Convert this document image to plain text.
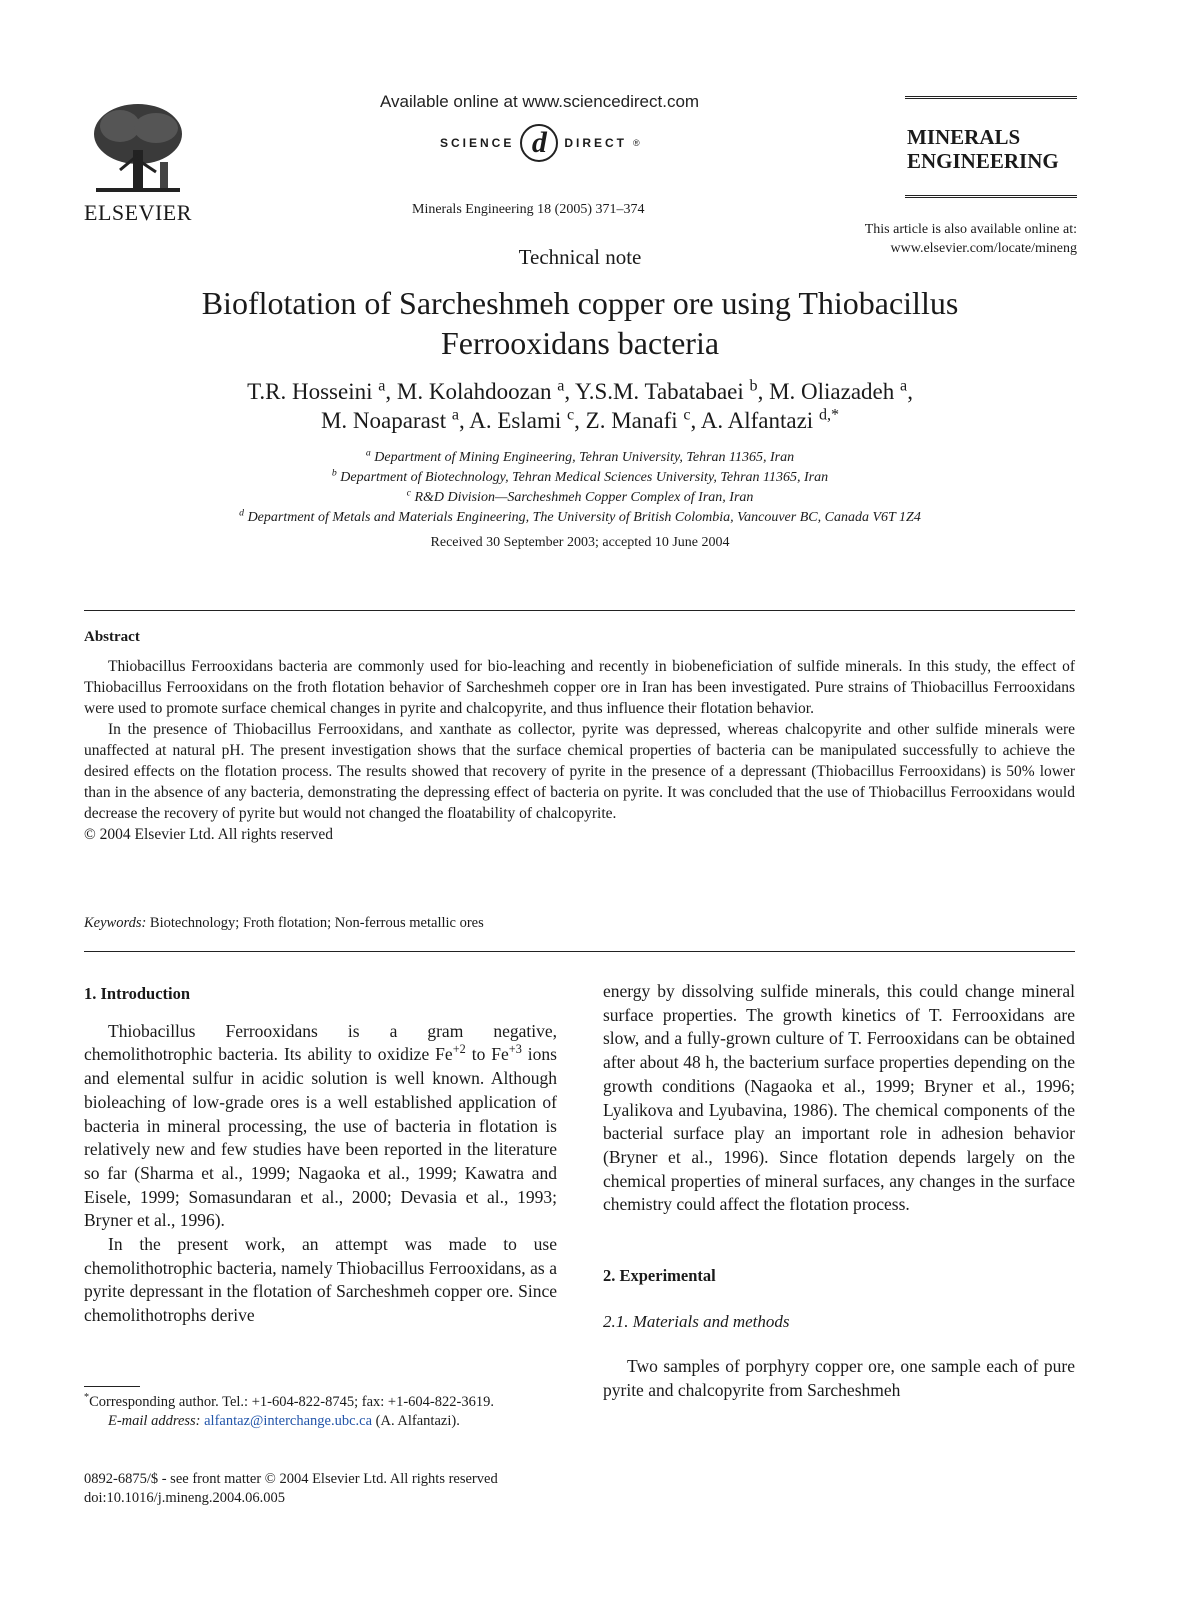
ELSEVIER
Available online at www.sciencedirect.com
SCIENCE d	DIRECT ®
Minerals Engineering 18 (2005) 371–374
MINERALS
ENGINEERING
This article is also available online at:
www.elsevier.com/locate/mineng
Technical note
Bioflotation of Sarcheshmeh copper ore using Thiobacillus
Ferrooxidans bacteria
T.R. Hosseini $^a$, M. Kolahdoozan $^a$, Y.S.M. Tabatabaei $^b$, M. Oliazadeh $^a$,
M. Noaparast $^a$, A. Eslami $^c$, Z. Manafi $^c$, A. Alfantazi $^{d,*}$
$^a$ Department of Mining Engineering, Tehran University, Tehran 11365, Iran
$^b$ Department of Biotechnology, Tehran Medical Sciences University, Tehran 11365, Iran
$^c$ R&D Division—Sarcheshmeh Copper Complex of Iran, Iran
$^d$ Department of Metals and Materials Engineering, The University of British Colombia, Vancouver BC, Canada V6T 1Z4
Received 30 September 2003; accepted 10 June 2004
Abstract

Thiobacillus Ferrooxidans bacteria are commonly used for bio-leaching and recently in biobeneficiation of sulfide minerals. In this study, the effect of Thiobacillus Ferrooxidans on the froth flotation behavior of Sarcheshmeh copper ore in Iran has been investigated. Pure strains of Thiobacillus Ferrooxidans were used to promote surface chemical changes in pyrite and chalcopyrite, and thus influence their flotation behavior.

In the presence of Thiobacillus Ferrooxidans, and xanthate as collector, pyrite was depressed, whereas chalcopyrite and other sulfide minerals were unaffected at natural pH. The present investigation shows that the surface chemical properties of bacteria can be manipulated successfully to achieve the desired effects on the flotation process. The results showed that recovery of pyrite in the presence of a depressant (Thiobacillus Ferrooxidans) is 50% lower than in the absence of any bacteria, demonstrating the depressing effect of bacteria on pyrite. It was concluded that the use of Thiobacillus Ferrooxidans would decrease the recovery of pyrite but would not changed the floatability of chalcopyrite.

© 2004 Elsevier Ltd. All rights reserved

Keywords: Biotechnology; Froth flotation; Non-ferrous metallic ores
1. Introduction

Thiobacillus Ferrooxidans is a gram negative, chemolithotrophic bacteria. Its ability to oxidize $Fe^{+2}$ to $Fe^{+3}$ ions and elemental sulfur in acidic solution is well known. Although bioleaching of low-grade ores is a well established application of bacteria in mineral processing, the use of bacteria in flotation is relatively new and few studies have been reported in the literature so far (Sharma et al., 1999; Nagaoka et al., 1999; Kawatra and Eisele, 1999; Somasundaran et al., 2000; Devasia et al., 1993; Bryner et al., 1996).

In the present work, an attempt was made to use chemolithotrophic bacteria, namely Thiobacillus Ferrooxidans, as a pyrite depressant in the flotation of Sarcheshmeh copper ore. Since chemolithotrophs derive

*Corresponding author. Tel.: +1-604-822-8745; fax: +1-604-822-3619.

E-mail address: alfantaz@interchange.ubc.ca (A. Alfantazi).

0892-6875/$ - see front matter © 2004 Elsevier Ltd. All rights reserved
doi:10.1016/j.mineng.2004.06.005

energy by dissolving sulfide minerals, this could change mineral surface properties. The growth kinetics of T. Ferrooxidans are slow, and a fully-grown culture of T. Ferrooxidans can be obtained after about 48 h, the bacterium surface properties depending on the growth conditions (Nagaoka et al., 1999; Bryner et al., 1996; Lyalikova and Lyubavina, 1986). The chemical components of the bacterial surface play an important role in adhesion behavior (Bryner et al., 1996). Since flotation depends largely on the chemical properties of mineral surfaces, any changes in the surface chemistry could affect the flotation process.

2. Experimental
2.1. Materials and methods

Two samples of porphyry copper ore, one sample each of pure pyrite and chalcopyrite from Sarcheshmeh
